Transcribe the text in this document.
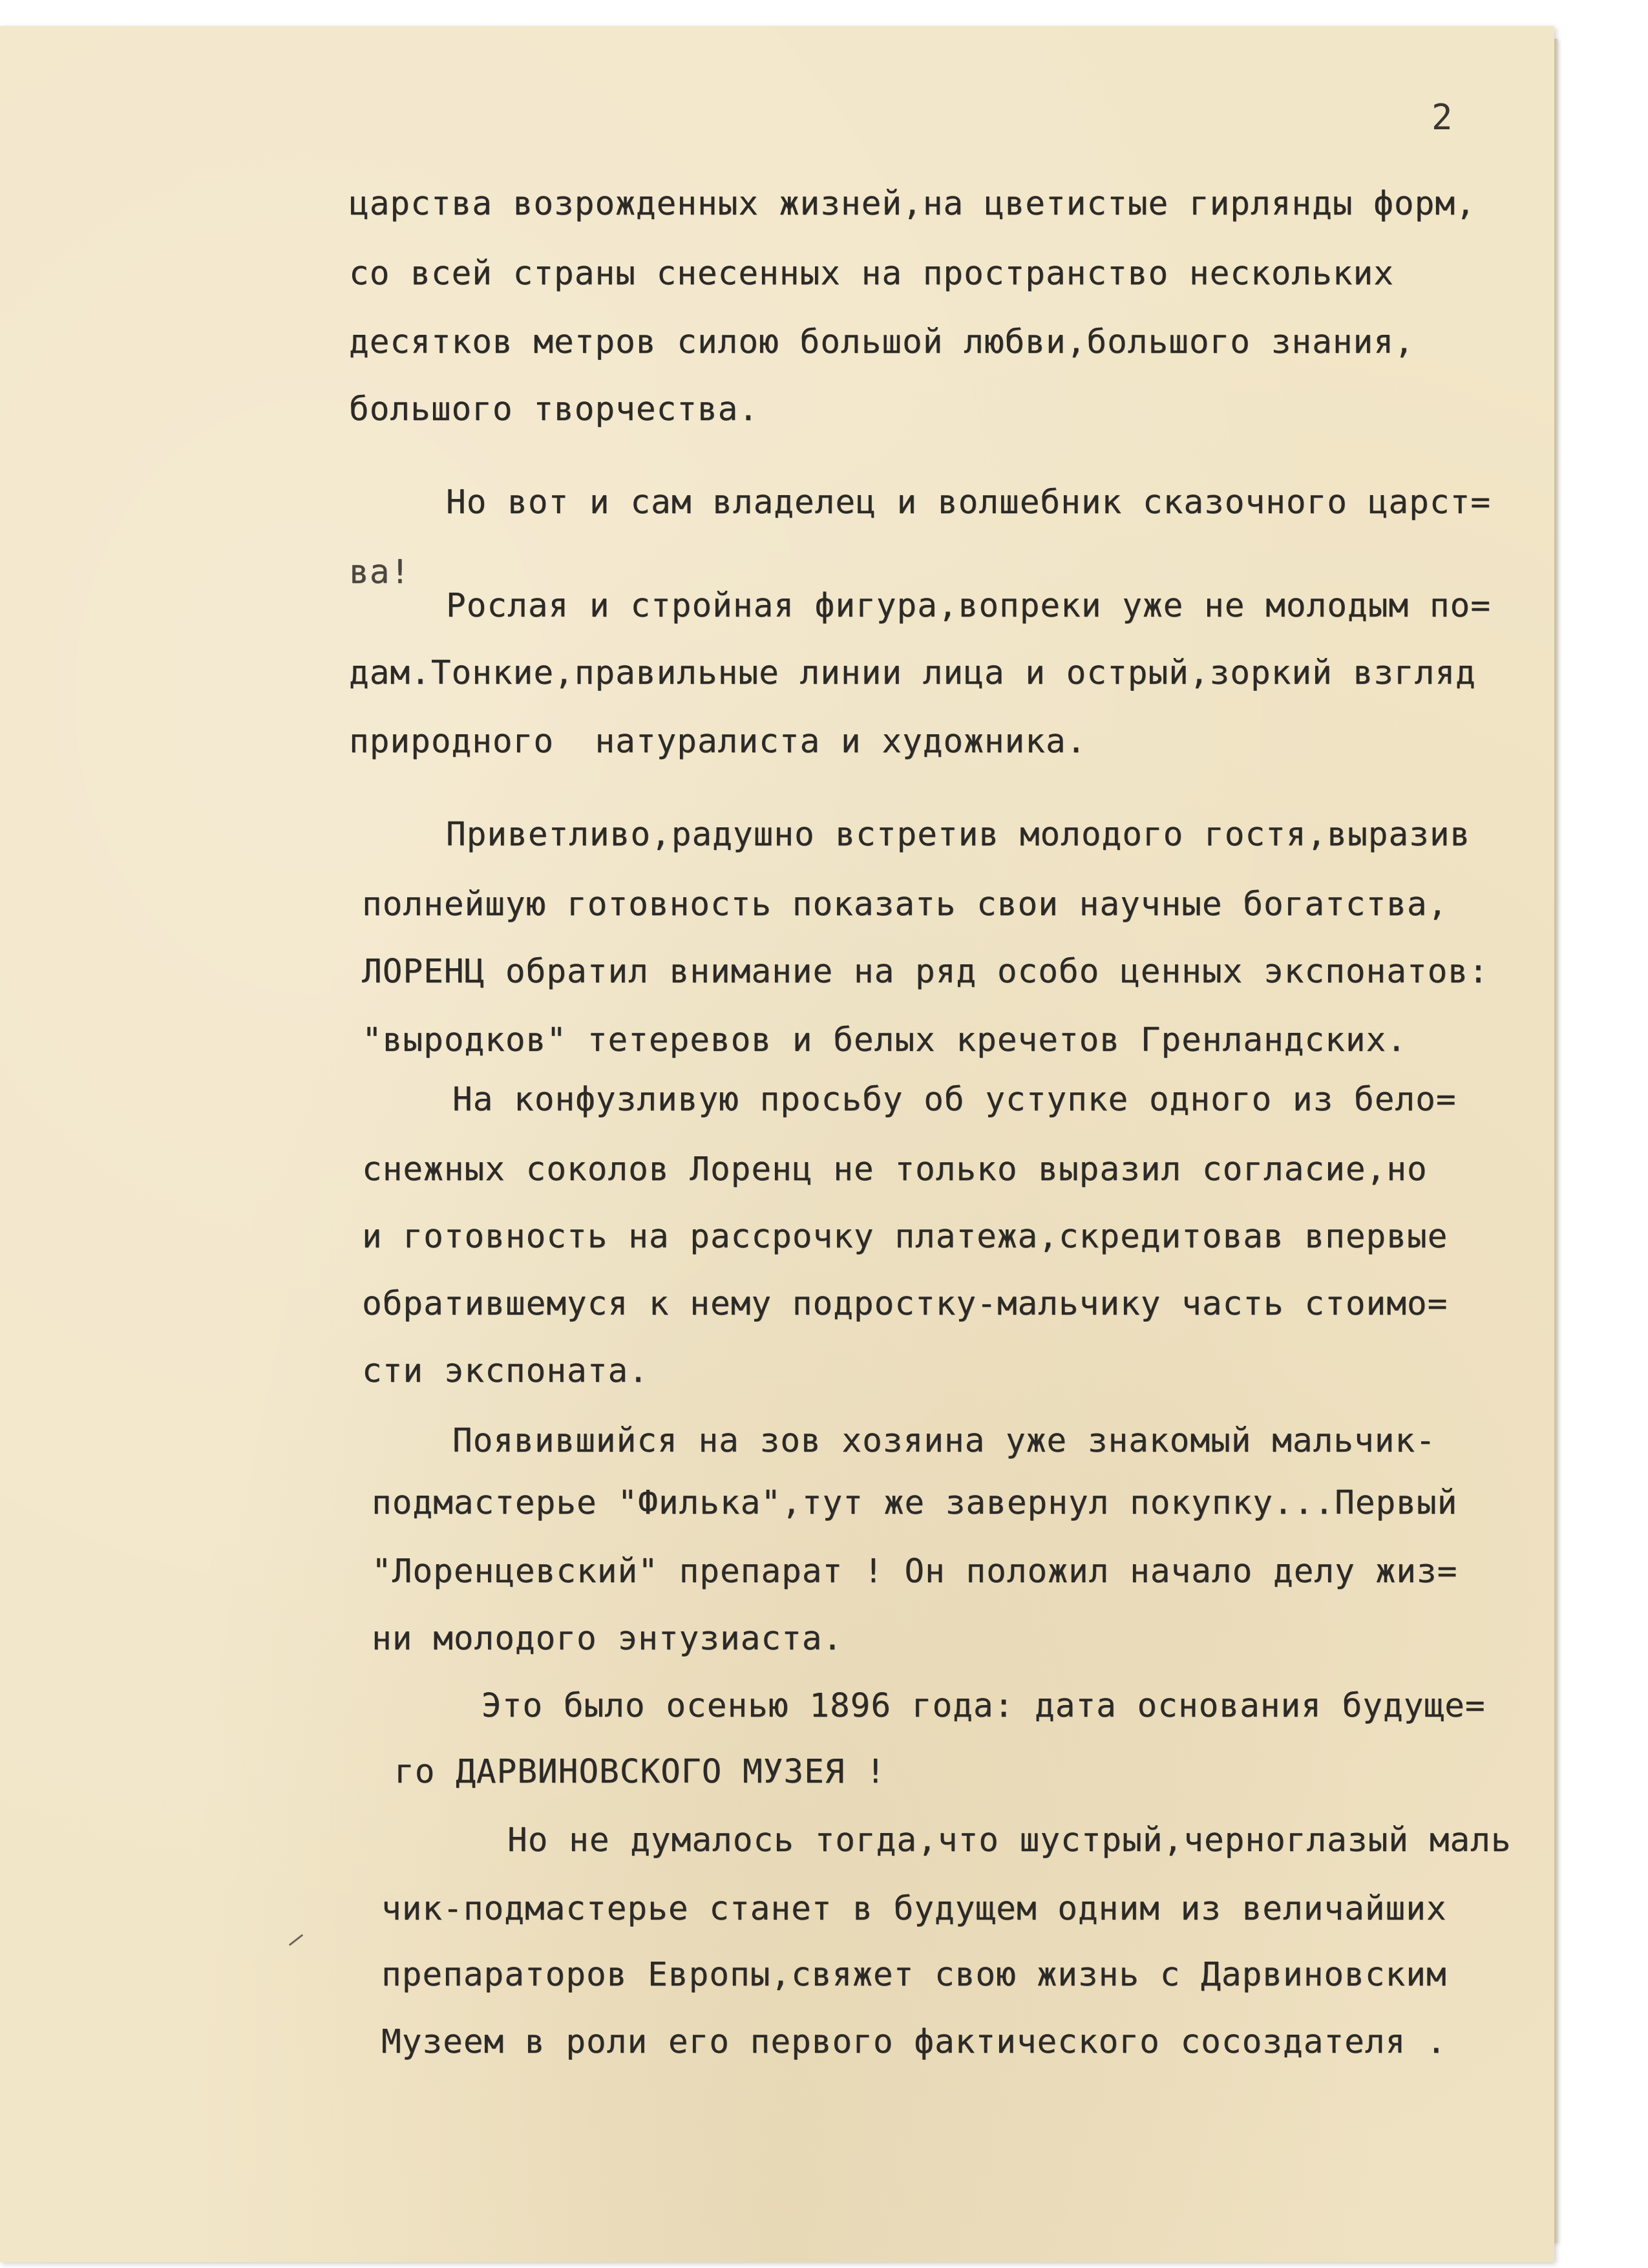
2
царства возрожденных жизней,на цветистые гирлянды форм,
со всей страны снесенных на пространство нескольких
десятков метров силою большой любви,большого знания,
большого творчества.
Но вот и сам владелец и волшебник сказочного царст=
ва!
Рослая и стройная фигура,вопреки уже не молодым по=
дам.Тонкие,правильные линии лица и острый,зоркий взгляд
природного  натуралиста и художника.
Приветливо,радушно встретив молодого гостя,выразив
полнейшую готовность показать свои научные богатства,
ЛОРЕНЦ обратил внимание на ряд особо ценных экспонатов:
"выродков" тетеревов и белых кречетов Гренландских.
На конфузливую просьбу об уступке одного из бело=
снежных соколов Лоренц не только выразил согласие,но
и готовность на рассрочку платежа,скредитовав впервые
обратившемуся к нему подростку-мальчику часть стоимо=
сти экспоната.
Появившийся на зов хозяина уже знакомый мальчик-
подмастерье "Филька",тут же завернул покупку...Первый
"Лоренцевский" препарат ! Он положил начало делу жиз=
ни молодого энтузиаста.
Это было осенью 1896 года: дата основания будуще=
го ДАРВИНОВСКОГО МУЗЕЯ !
Но не думалось тогда,что шустрый,черноглазый маль
чик-подмастерье станет в будущем одним из величайших
препараторов Европы,свяжет свою жизнь с Дарвиновским
Музеем в роли его первого фактического сосоздателя .
